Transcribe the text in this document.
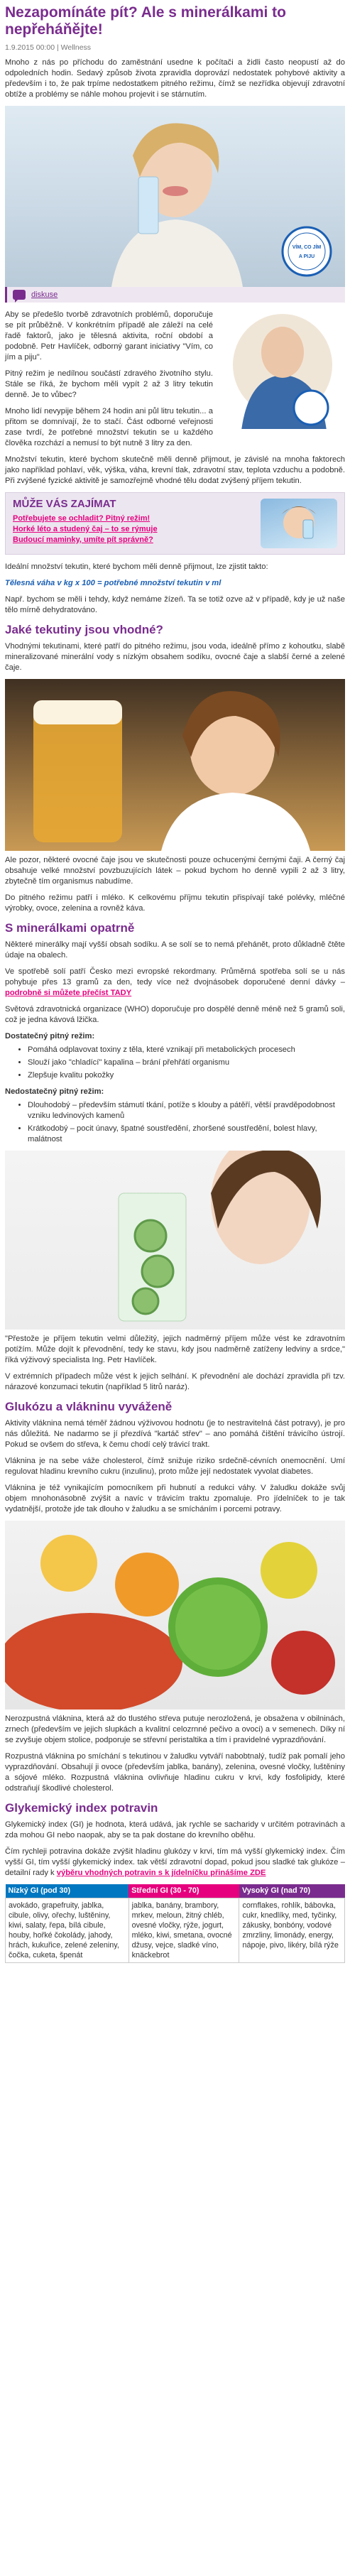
Nezapomínáte pít? Ale s minerálkami to nepřeháňějte!
1.9.2015 00:00 | Wellness

Mnoho z nás po příchodu do zaměstnání usedne k počítači a židli často neopustí až do odpoledních hodin. Sedavý způsob života zpravidla doprovází nedostatek pohybové aktivity a především i to, že pak trpíme nedostatkem pitného režimu, čímž se nezřídka objevují zdravotní obtíže a problémy se náhle mohou projevit i se stárnutím.

VÍM, CO JÍM
A PIJU
diskuse

Aby se předešlo tvorbě zdravotních problémů, doporučuje se pít průběžně. V konkrétním případě ale záleží na celé řadě faktorů, jako je tělesná aktivita, roční období a podobně. Petr Havlíček, odborný garant iniciativy "Vím, co jím a piju".

Pitný režim je nedílnou součástí zdravého životního stylu. Stále se říká, že bychom měli vypít 2 až 3 litry tekutin denně. Je to vůbec?

Mnoho lidí nevypije během 24 hodin ani půl litru tekutin... a přitom se domnívají, že to stačí. Část odborné veřejnosti zase tvrdí, že potřebné množství tekutin se u každého člověka rozchází a nemusí to být nutně 3 litry za den.

Množství tekutin, které bychom skutečně měli denně přijmout, je závislé na mnoha faktorech jako například pohlaví, věk, výška, váha, krevní tlak, zdravotní stav, teplota vzduchu a podobně. Při zvýšené fyzické aktivitě je samozřejmě vhodné tělu dodat zvýšený příjem tekutin.

MŮŽE VÁS ZAJÍMAT
Potřebujete se ochladit? Pitný režim!
Horké léto a studený čaj – to se rýmuje
Budoucí maminky, umíte pít správně?

Ideální množství tekutin, které bychom měli denně přijmout, lze zjistit takto:

Tělesná váha v kg x 100 = potřebné množství tekutin v ml

Např. bychom se měli i tehdy, když nemáme žízeň. Ta se totiž ozve až v případě, kdy je už naše tělo mírně dehydratováno.

Jaké tekutiny jsou vhodné?

Vhodnými tekutinami, které patří do pitného režimu, jsou voda, ideálně přímo z kohoutku, slabě mineralizované minerální vody s nízkým obsahem sodíku, ovocné čaje a slabší černé a zelené čaje.

Ale pozor, některé ovocné čaje jsou ve skutečnosti pouze ochucenými černými čaji. A černý čaj obsahuje velké množství povzbuzujících látek – pokud bychom ho denně vypili 2 až 3 litry, zbytečně tím organismus nabudíme.

Do pitného režimu patří i mléko. K celkovému příjmu tekutin přispívají také polévky, mléčné výrobky, ovoce, zelenina a rovněž káva.

S minerálkami opatrně

Některé minerálky mají vyšší obsah sodíku. A se solí se to nemá přehánět, proto důkladně čtěte údaje na obalech.

Ve spotřebě solí patří Česko mezi evropské rekordmany. Průměrná spotřeba solí se u nás pohybuje přes 13 gramů za den, tedy více než dvojnásobek doporučené denní dávky – podrobně si můžete přečíst TADY

Světová zdravotnická organizace (WHO) doporučuje pro dospělé denně méně než 5 gramů soli, což je jedna kávová lžička.

Dostatečný pitný režim:
• Pomáhá odplavovat toxiny z těla, které vznikají při metabolických procesech
• Slouží jako "chladící" kapalina – brání přehřátí organismu
• Zlepšuje kvalitu pokožky
Nedostatečný pitný režim:
• Dlouhodobý – především stámutí tkání, potíže s klouby a pátěří, větší pravděpodobnost vzniku ledvinových kamenů
• Krátkodobý – pocit únavy, špatné soustředění, zhoršené soustředění, bolest hlavy, malátnost

"Přestože je příjem tekutin velmi důležitý, jejich nadměrný příjem může vést ke zdravotním potížím. Může dojít k převodnění, tedy ke stavu, kdy jsou nadměrně zatíženy ledviny a srdce," říká výživový specialista Ing. Petr Havlíček.

V extrémních případech může vést k jejich selhání. K převodnění ale dochází zpravidla při tzv. nárazové konzumaci tekutin (například 5 litrů naráz).

Glukózu a vlákninu vyváženě

Aktivity vláknina nemá téměř žádnou výživovou hodnotu (je to nestravitelná část potravy), je pro nás důležitá. Ne nadarmo se jí přezdívá "kartáč střev" – ano pomáhá čištění trávicího ústrojí. Pokud se ovšem do střeva, k čemu chodí celý trávicí trakt.

Vláknina je na sebe váže cholesterol, čímž snižuje riziko srdečně-cévních onemocnění. Umí regulovat hladinu krevního cukru (inzulinu), proto může její nedostatek vyvolat diabetes.

Vláknina je též vynikajícím pomocníkem při hubnutí a redukci váhy. V žaludku dokáže svůj objem mnohonásobně zvýšit a navíc v trávicím traktu zpomaluje. Pro jídelníček to je tak vydatnější, protože jde tak dlouho v žaludku a se smícháním i porcemi potravy.

Nerozpustná vláknina, která až do tlustého střeva putuje nerozložená, je obsažena v obilninách, zrnech (především ve jejich slupkách a kvalitní celozrnné pečivo a ovoci) a v semenech. Díky ní se zvyšuje objem stolice, podporuje se střevní peristaltika a tím i pravidelné vyprazdňování.

Rozpustná vláknina po smíchání s tekutinou v žaludku vytváří nabobtnalý, tudíž pak pomalí jeho vyprazdňování. Obsahují ji ovoce (především jablka, banány), zelenina, ovesné vločky, luštěniny a sójové mléko. Rozpustná vláknina ovlivňuje hladinu cukru v krvi, kdy fosfolipidy, které odstraňují škodlivé cholesterol.

Glykemický index potravin

Glykemický index (GI) je hodnota, která udává, jak rychle se sacharidy v určitém potravinách a zda mohou GI nebo naopak, aby se ta pak dostane do krevního oběhu.

Čím rychleji potravina dokáže zvýšit hladinu glukózy v krvi, tím má vyšší glykemický index. Čím vyšší GI, tím vyšší glykemický index. tak větší zdravotní dopad, pokud jsou sladké tak glukóze – detailní rady k výběru vhodných potravin s k jídelníčku přinášíme ZDE

Nízký GI (pod 30)	Střední GI (30 - 70)	Vysoký GI (nad 70)
avokádo, grapefruity, jablka, cibule, olivy, ořechy, luštěniny, kiwi, salaty, řepa, bílá cibule, houby, hořké čokolády, jahody, hrách, kukuřice, zelené zeleniny, čočka, cuketa, špenát	jablka, banány, brambory, mrkev, meloun, žitný chléb, ovesné vločky, rýže, jogurt, mléko, kiwi, smetana, ovocné džusy, vejce, sladké víno, knäckebrot	cornflakes, rohlík, bábovka, cukr, knedlíky, med, tyčinky, zákusky, bonbóny, vodové zmrzliny, limonády, energy, nápoje, pivo, likéry, bílá rýže
